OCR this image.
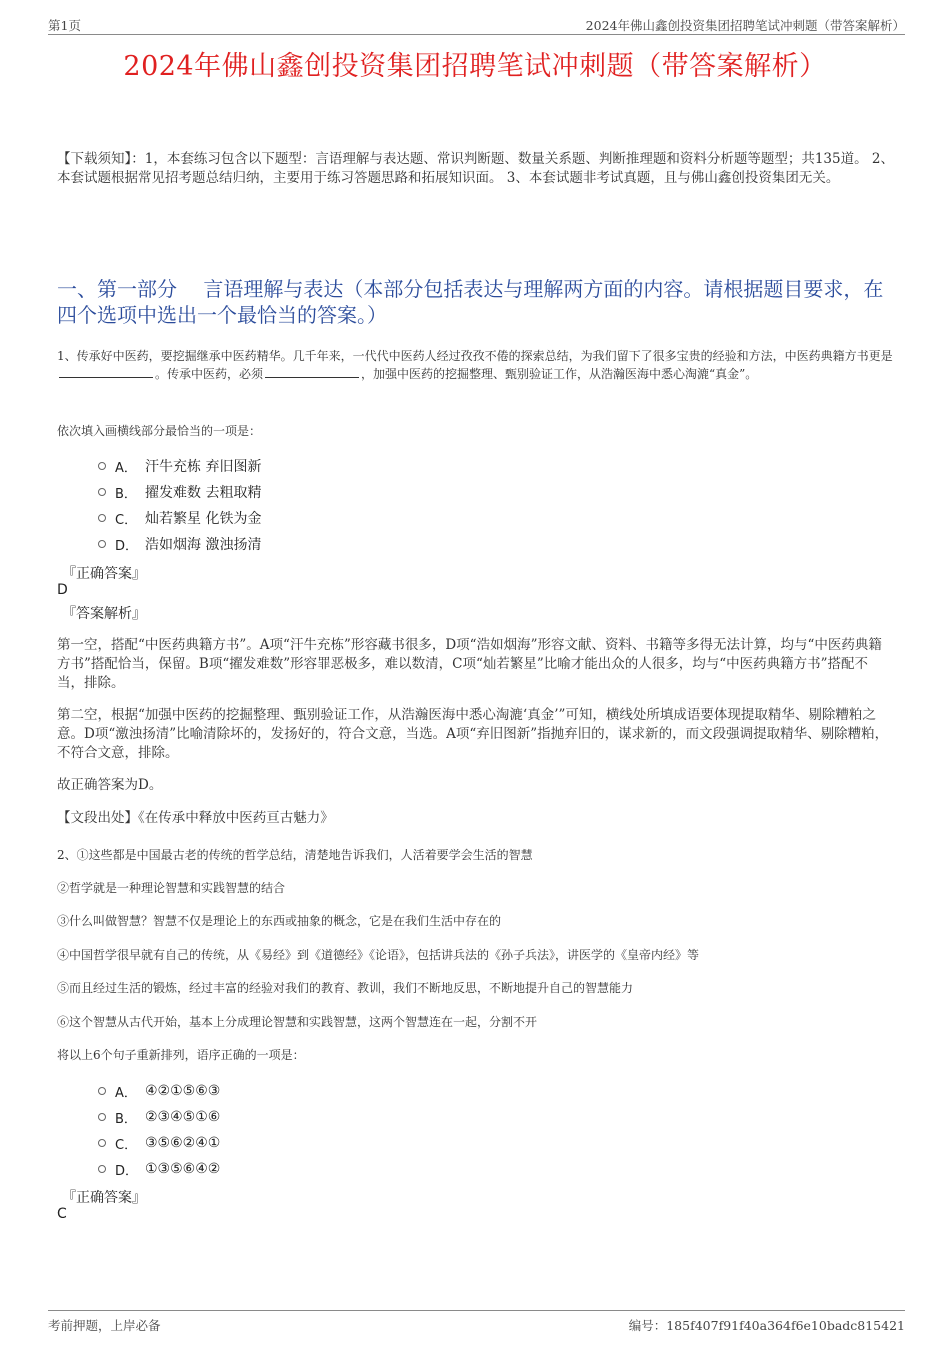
第1页	2024年佛山鑫创投资集团招聘笔试冲刺题（带答案解析）
2024年佛山鑫创投资集团招聘笔试冲刺题（带答案解析）
【下载须知】：1，本套练习包含以下题型：言语理解与表达题、常识判断题、数量关系题、判断推理题和资料分析题等题型；共135道。 2、本套试题根据常见招考题总结归纳，主要用于练习答题思路和拓展知识面。 3、本套试题非考试真题，且与佛山鑫创投资集团无关。
一、第一部分　 言语理解与表达（本部分包括表达与理解两方面的内容。请根据题目要求，在四个选项中选出一个最恰当的答案。）
1、传承好中医药，要挖掘继承中医药精华。几千年来，一代代中医药人经过孜孜不倦的探索总结，为我们留下了很多宝贵的经验和方法，中医药典籍方书更是。传承中医药，必须	，加强中医药的挖掘整理、甄别验证工作，从浩瀚医海中悉心淘漉“真金”。
依次填入画横线部分最恰当的一项是：
A． 汗牛充栋 弃旧图新
B． 擢发难数 去粗取精
C． 灿若繁星 化铁为金
D． 浩如烟海 激浊扬清
『正确答案』
D
『答案解析』
第一空，搭配“中医药典籍方书”。A项“汗牛充栋”形容藏书很多，D项“浩如烟海”形容文献、资料、书籍等多得无法计算，均与“中医药典籍方书”搭配恰当，保留。B项“擢发难数”形容罪恶极多，难以数清，C项“灿若繁星”比喻才能出众的人很多，均与“中医药典籍方书”搭配不当，排除。
第二空，根据“加强中医药的挖掘整理、甄别验证工作，从浩瀚医海中悉心淘漉‘真金’”可知，横线处所填成语要体现提取精华、剔除糟粕之意。D项“激浊扬清”比喻清除坏的，发扬好的，符合文意，当选。A项“弃旧图新”指抛弃旧的，谋求新的，而文段强调提取精华、剔除糟粕，不符合文意，排除。
故正确答案为D。
【文段出处】《在传承中释放中医药亘古魅力》
2、①这些都是中国最古老的传统的哲学总结，清楚地告诉我们，人活着要学会生活的智慧
②哲学就是一种理论智慧和实践智慧的结合
③什么叫做智慧？智慧不仅是理论上的东西或抽象的概念，它是在我们生活中存在的
④中国哲学很早就有自己的传统，从《易经》到《道德经》《论语》，包括讲兵法的《孙子兵法》，讲医学的《皇帝内经》等
⑤而且经过生活的锻炼，经过丰富的经验对我们的教育、教训，我们不断地反思，不断地提升自己的智慧能力
⑥这个智慧从古代开始，基本上分成理论智慧和实践智慧，这两个智慧连在一起，分割不开
将以上6个句子重新排列，语序正确的一项是：
A． ④②①⑤⑥③
B． ②③④⑤①⑥
C． ③⑤⑥②④①
D． ①③⑤⑥④②
『正确答案』
C
考前押题，上岸必备	编号：185f407f91f40a364f6e10badc815421
